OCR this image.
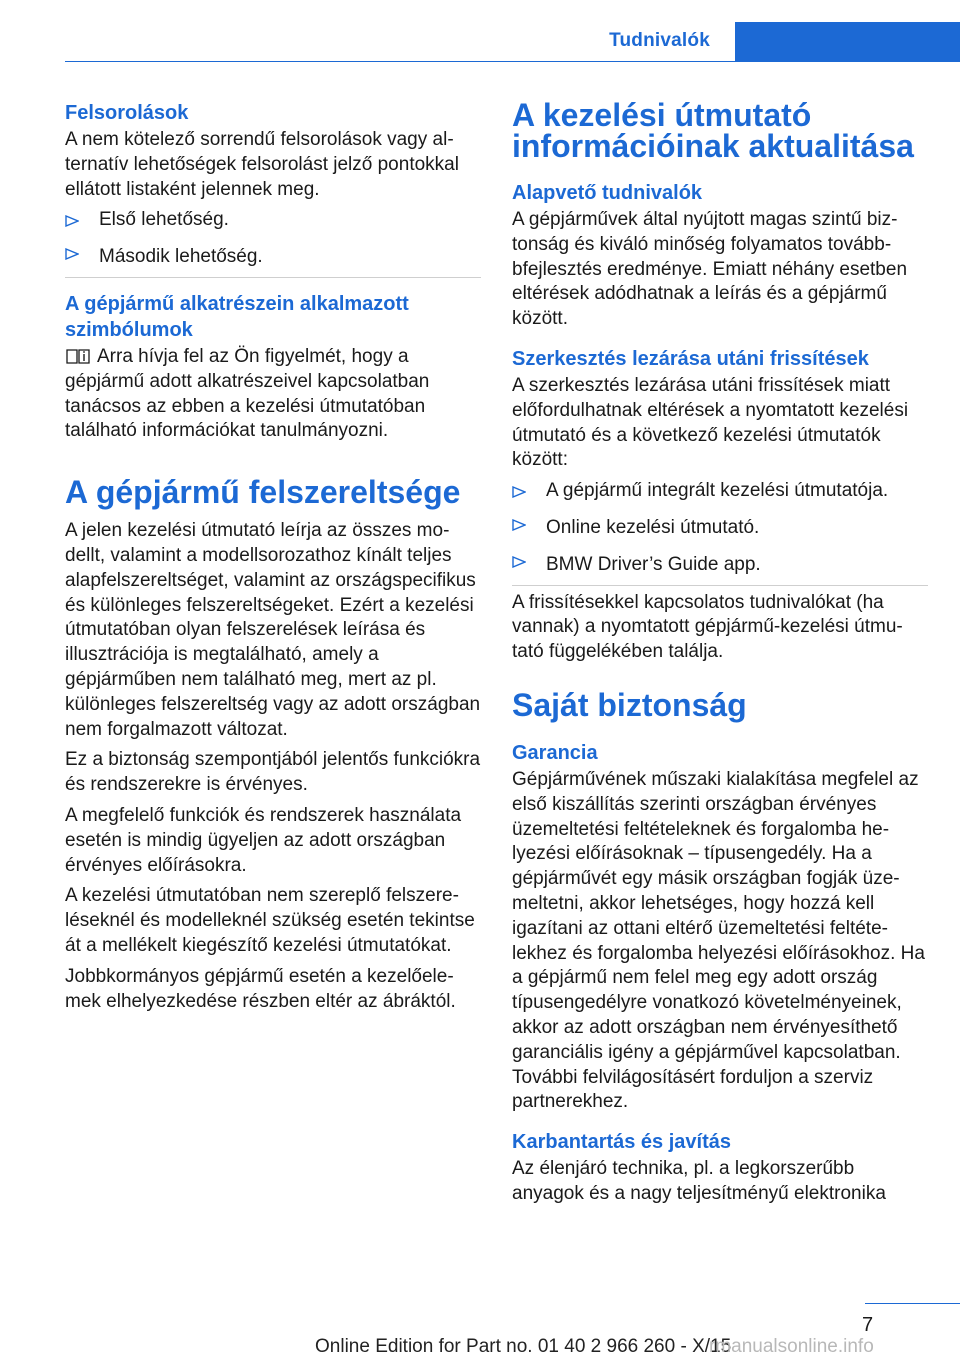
Tudnivalók
Felsorolások

A nem kötelező sorrendű felsorolások vagy alternatív lehetőségek felsorolást jelző pontokkal ellátott listaként jelennek meg.

Első lehetőség.
Második lehetőség.
A gépjármű alkatrészein alkalmazott szimbólumok

Arra hívja fel az Ön figyelmét, hogy a gépjármű adott alkatrészeivel kapcsolatban tanácsos az ebben a kezelési útmutatóban található információkat tanulmányozni.

A gépjármű felszereltsége

A jelen kezelési útmutató leírja az összes modellt, valamint a modellsorozathoz kínált teljes alapfelszereltséget, valamint az országspecifikus és különleges felszereltségeket. Ezért a kezelési útmutatóban olyan felszerelések leírása és illusztrációja is megtalálható, amely a gépjárműben nem található meg, mert az pl. különleges felszereltség vagy az adott országban nem forgalmazott változat.

Ez a biztonság szempontjából jelentős funkciókra és rendszerekre is érvényes.

A megfelelő funkciók és rendszerek használata esetén is mindig ügyeljen az adott országban érvényes előírásokra.

A kezelési útmutatóban nem szereplő felszereléseknél és modelleknél szükség esetén tekintse át a mellékelt kiegészítő kezelési útmutatókat.

Jobbkormányos gépjármű esetén a kezelőelemek elhelyezkedése részben eltér az ábráktól.

A kezelési útmutató információinak aktualitása
Alapvető tudnivalók

A gépjárművek által nyújtott magas szintű biztonság és kiváló minőség folyamatos továbbbfejlesztés eredménye. Emiatt néhány esetben eltérések adódhatnak a leírás és a gépjármű között.

Szerkesztés lezárása utáni frissítések

A szerkesztés lezárása utáni frissítések miatt előfordulhatnak eltérések a nyomtatott kezelési útmutató és a következő kezelési útmutatók között:

A gépjármű integrált kezelési útmutatója.
Online kezelési útmutató.
BMW Driver’s Guide app.

A frissítésekkel kapcsolatos tudnivalókat (ha vannak) a nyomtatott gépjármű-kezelési útmutató függelékében találja.

Saját biztonság
Garancia

Gépjárművének műszaki kialakítása megfelel az első kiszállítás szerinti országban érvényes üzemeltetési feltételeknek és forgalomba helyezési előírásoknak – típusengedély. Ha a gépjárművét egy másik országban fogják üzemeltetni, akkor lehetséges, hogy hozzá kell igazítani az ottani eltérő üzemeltetési feltételekhez és forgalomba helyezési előírásokhoz. Ha a gépjármű nem felel meg egy adott ország típusengedélyre vonatkozó követelményeinek, akkor az adott országban nem érvényesíthető garanciális igény a gépjárművel kapcsolatban. További felvilágosításért forduljon a szerviz partnerekhez.

Karbantartás és javítás

Az élenjáró technika, pl. a legkorszerűbb anyagok és a nagy teljesítményű elektronika

7
Online Edition for Part no. 01 40 2 966 260 - X/15
rmanualsonline.info
